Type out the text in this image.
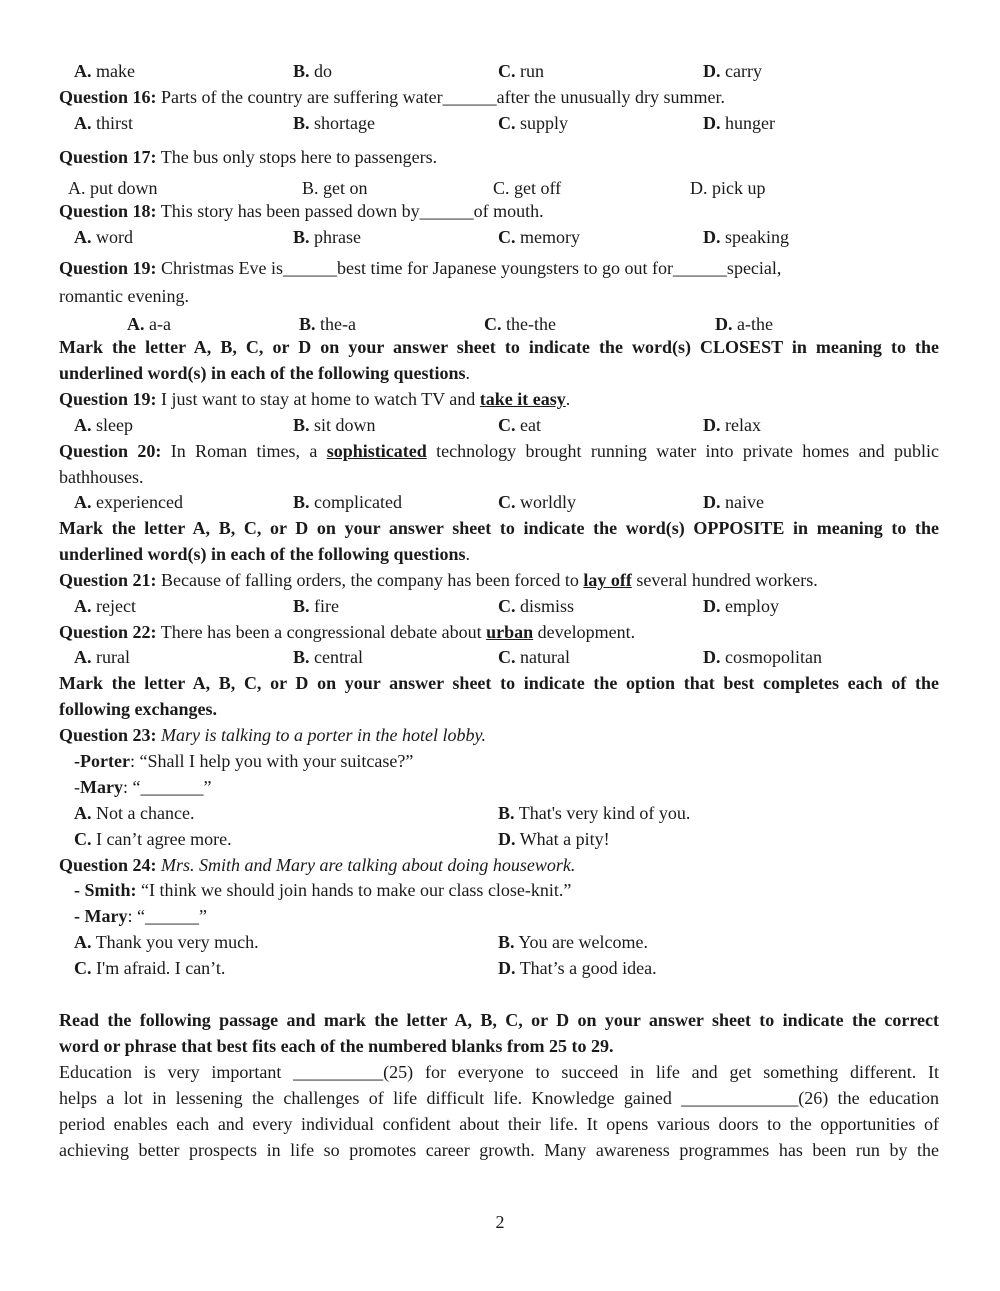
A. make	B. do	C. run	D. carry
Question 16: Parts of the country are suffering water______after the unusually dry summer.
A. thirst	B. shortage	C. supply	D. hunger
Question 17: The bus only stops here to passengers.
A. put down	B. get on	C. get off	D. pick up
Question 18: This story has been passed down by______of mouth.
A. word	B. phrase	C. memory	D. speaking
Question 19: Christmas Eve is______best time for Japanese youngsters to go out for______special,
romantic evening.
A. a-a	B. the-a	C. the-the	D. a-the
Mark the letter A, B, C, or D on your answer sheet to indicate the word(s) CLOSEST in meaning to the
underlined word(s) in each of the following questions.
Question 19: I just want to stay at home to watch TV and take it easy.
A. sleep	B. sit down	C. eat	D. relax
Question 20: In Roman times, a sophisticated technology brought running water into private homes and public
bathhouses.
A. experienced	B. complicated	C. worldly	D. naive
Mark the letter A, B, C, or D on your answer sheet to indicate the word(s) OPPOSITE in meaning to the
underlined word(s) in each of the following questions.
Question 21: Because of falling orders, the company has been forced to lay off several hundred workers.
A. reject	B. fire	C. dismiss	D. employ
Question 22: There has been a congressional debate about urban development.
A. rural	B. central	C. natural	D. cosmopolitan
Mark the letter A, B, C, or D on your answer sheet to indicate the option that best completes each of the
following exchanges.
Question 23: Mary is talking to a porter in the hotel lobby.
-Porter: “Shall I help you with your suitcase?”
-Mary: “_______”
A. Not a chance.	B. That's very kind of you.
C. I can’t agree more.	D. What a pity!
Question 24: Mrs. Smith and Mary are talking about doing housework.
- Smith: “I think we should join hands to make our class close-knit.”
- Mary: “______”
A. Thank you very much.	B. You are welcome.
C. I'm afraid. I can’t.	D. That’s a good idea.
Read the following passage and mark the letter A, B, C, or D on your answer sheet to indicate the correct
word or phrase that best fits each of the numbered blanks from 25 to 29.
Education is very important __________(25) for everyone to succeed in life and get something different. It
helps a lot in lessening the challenges of life difficult life. Knowledge gained _____________(26) the education
period enables each and every individual confident about their life. It opens various doors to the opportunities of
achieving better prospects in life so promotes career growth. Many awareness programmes has been run by the
2
